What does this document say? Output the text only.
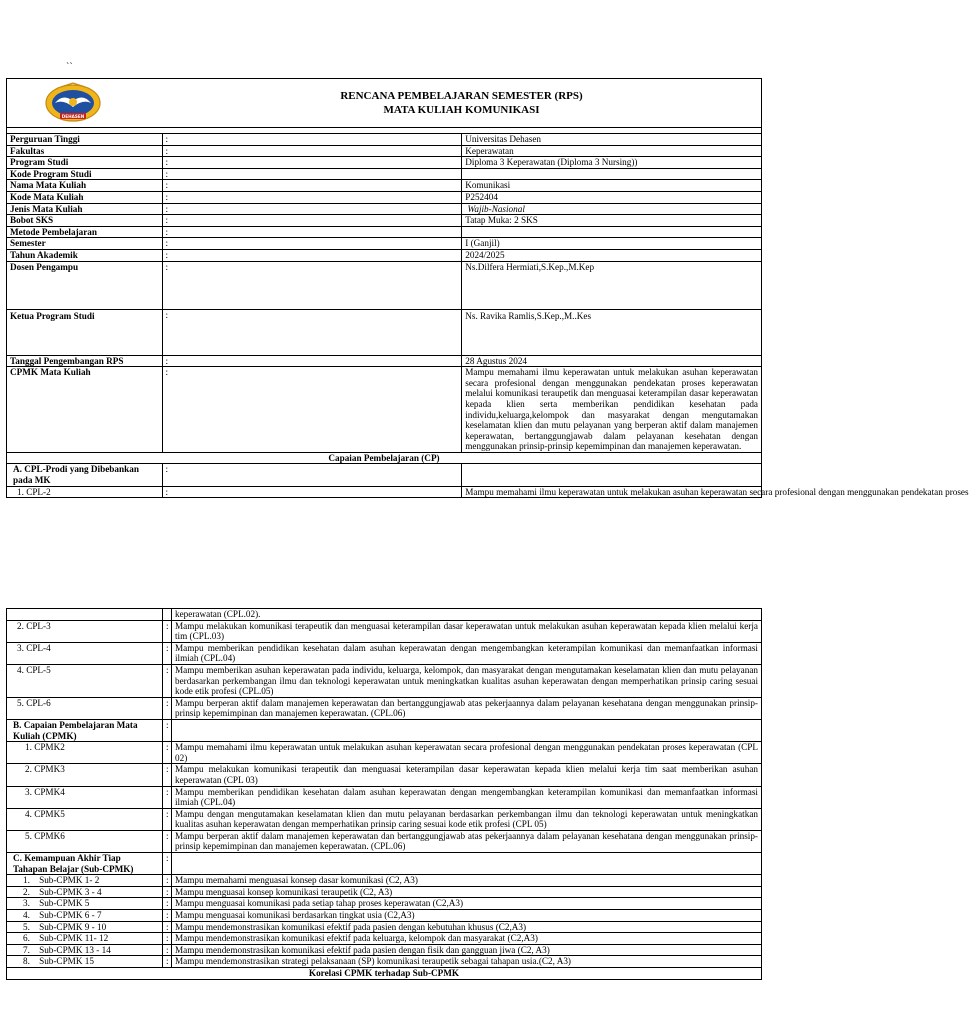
``
DEHASEN	RENCANA PEMBELAJARAN SEMESTER (RPS)
MATA KULIAH KOMUNIKASI	

Perguruan Tinggi	:	Universitas Dehasen
Fakultas	:	Keperawatan
Program Studi	:	Diploma 3 Keperawatan (Diploma 3 Nursing))
Kode Program Studi	:	
Nama Mata Kuliah	:	Komunikasi
Kode Mata Kuliah	:	P252404
Jenis Mata Kuliah	:	Wajib-Nasional
Bobot SKS	:	Tatap Muka: 2 SKS
Metode Pembelajaran	:	
Semester	:	I (Ganjil)
Tahun Akademik	:	2024/2025
Dosen Pengampu	:	Ns.Dilfera Hermiati,S.Kep.,M.Kep
Ketua Program Studi	:	Ns. Ravika Ramlis,S.Kep.,M..Kes
Tanggal Pengembangan RPS	:	28 Agustus 2024
CPMK Mata Kuliah	:	Mampu memahami ilmu keperawatan untuk melakukan asuhan keperawatan secara profesional dengan menggunakan pendekatan proses keperawatan melalui komunikasi teraupetik dan menguasai keterampilan dasar keperawatan kepada klien serta memberikan pendidikan kesehatan pada individu,keluarga,kelompok dan masyarakat dengan mengutamakan keselamatan klien dan mutu pelayanan yang berperan aktif dalam manajemen keperawatan, bertanggungjawab dalam pelayanan kesehatan dengan menggunakan prinsip-prinsip kepemimpinan dan manajemen keperawatan.
Capaian Pembelajaran (CP)		
A. CPL-Prodi yang Dibebankan pada MK	:	
1. CPL-2	:	Mampu memahami ilmu keperawatan untuk melakukan asuhan keperawatan secara profesional dengan menggunakan pendekatan proses
		keperawatan (CPL.02).
2. CPL-3	:	Mampu melakukan komunikasi terapeutik dan menguasai keterampilan dasar keperawatan untuk melakukan asuhan keperawatan kepada klien melalui kerja tim (CPL.03)
3. CPL-4	:	Mampu memberikan pendidikan kesehatan dalam asuhan keperawatan dengan mengembangkan keterampilan komunikasi dan memanfaatkan informasi ilmiah (CPL.04)
4. CPL-5	:	Mampu memberikan asuhan keperawatan pada individu, keluarga, kelompok, dan masyarakat dengan mengutamakan keselamatan klien dan mutu pelayanan berdasarkan perkembangan ilmu dan teknologi keperawatan untuk meningkatkan kualitas asuhan keperawatan dengan memperhatikan prinsip caring sesuai kode etik profesi (CPL.05)
5. CPL-6	:	Mampu berperan aktif dalam manajemen keperawatan dan bertanggungjawab atas pekerjaannya dalam pelayanan kesehatana dengan menggunakan prinsip-prinsip kepemimpinan dan manajemen keperawatan. (CPL.06)
B. Capaian Pembelajaran Mata Kuliah (CPMK)	:	
1. CPMK2	:	Mampu memahami ilmu keperawatan untuk melakukan asuhan keperawatan secara profesional dengan menggunakan pendekatan proses keperawatan (CPL 02)
2. CPMK3	:	Mampu melakukan komunikasi terapeutik dan menguasai keterampilan dasar keperawatan kepada klien melalui kerja tim saat memberikan asuhan keperawatan (CPL 03)
3. CPMK4	:	Mampu memberikan pendidikan kesehatan dalam asuhan keperawatan dengan mengembangkan keterampilan komunikasi dan memanfaatkan informasi ilmiah (CPL.04)
4. CPMK5	:	Mampu dengan mengutamakan keselamatan klien dan mutu pelayanan berdasarkan perkembangan ilmu dan teknologi keperawatan untuk meningkatkan kualitas asuhan keperawatan dengan memperhatikan prinsip caring sesuai kode etik profesi (CPL 05)
5. CPMK6	:	Mampu berperan aktif dalam manajemen keperawatan dan bertanggungjawab atas pekerjaannya dalam pelayanan kesehatana dengan menggunakan prinsip-prinsip kepemimpinan dan manajemen keperawatan. (CPL.06)
C. Kemampuan Akhir Tiap Tahapan Belajar (Sub-CPMK)	:	
1.    Sub-CPMK 1- 2	:	Mampu memahami menguasai konsep dasar komunikasi (C2, A3)
2.    Sub-CPMK 3 - 4	:	Mampu menguasai konsep komunikasi teraupetik (C2, A3)
3.    Sub-CPMK 5	:	Mampu menguasai komunikasi pada setiap tahap proses keperawatan (C2,A3)
4.    Sub-CPMK 6 - 7	:	Mampu menguasai komunikasi berdasarkan tingkat usia (C2,A3)
5.    Sub-CPMK 9 - 10	:	Mampu mendemonstrasikan komunikasi efektif pada pasien dengan kebutuhan khusus (C2,A3)
6.    Sub-CPMK 11- 12	:	Mampu mendemonstrasikan komunikasi efektif pada keluarga, kelompok dan masyarakat (C2,A3)
7.    Sub-CPMK 13 - 14	:	Mampu mendemonstrasikan komunikasi efektif pada pasien dengan fisik dan gangguan jiwa (C2, A3)
8.    Sub-CPMK 15	:	Mampu mendemonstrasikan strategi pelaksanaan (SP) komunikasi teraupetik sebagai tahapan usia.(C2, A3)
Korelasi CPMK terhadap Sub-CPMK		
